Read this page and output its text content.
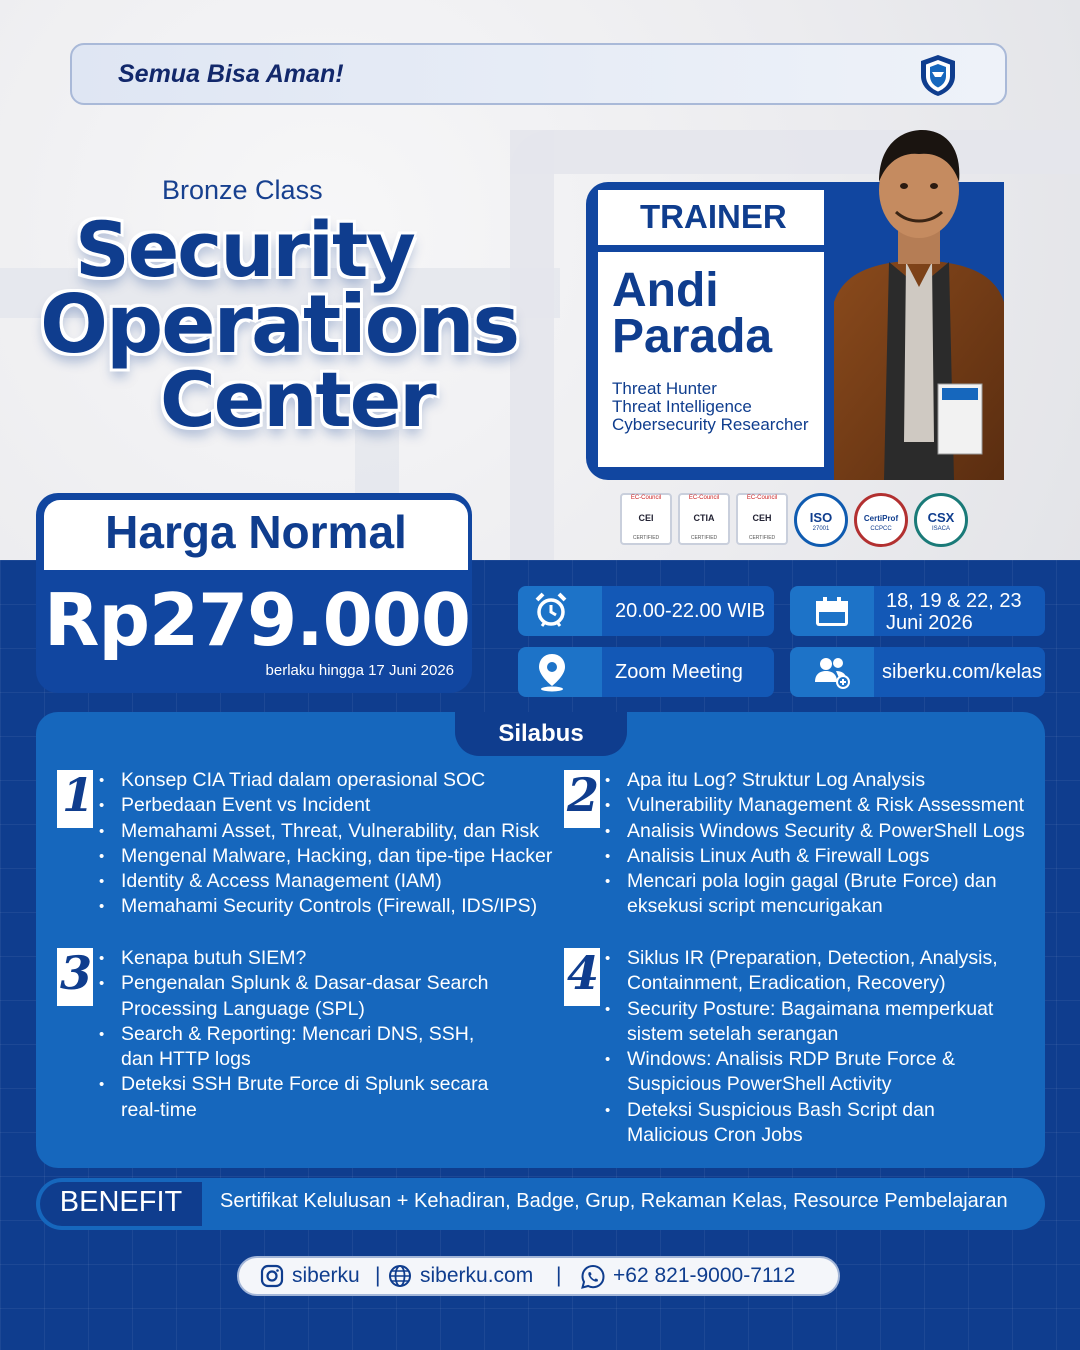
Semua Bisa Aman!
Bronze Class
Security
Operations
Center
TRAINER
Andi
Parada
Threat Hunter
Threat Intelligence
Cybersecurity Researcher
EC-Council
CEI
CERTIFIED
EC-Council
CTIA
CERTIFIED
EC-Council
CEH
CERTIFIED
ISO
27001
CertiProf
CCPCC
CSX
ISACA
Harga Normal
Rp279.000
berlaku hingga 17 Juni 2026
20.00-22.00 WIB	18, 19 & 22, 23
Juni 2026
Zoom Meeting	siberku.com/kelas
Silabus
1	• Konsep CIA Triad dalam operasional SOC
• Perbedaan Event vs Incident
• Memahami Asset, Threat, Vulnerability, dan Risk
• Mengenal Malware, Hacking, dan tipe-tipe Hacker
• Identity & Access Management (IAM)
• Memahami Security Controls (Firewall, IDS/IPS)
2	• Apa itu Log? Struktur Log Analysis
• Vulnerability Management & Risk Assessment
• Analisis Windows Security & PowerShell Logs
• Analisis Linux Auth & Firewall Logs
• Mencari pola login gagal (Brute Force) dan eksekusi script mencurigakan
3	• Kenapa butuh SIEM?
• Pengenalan Splunk & Dasar-dasar Search Processing Language (SPL)
• Search & Reporting: Mencari DNS, SSH, dan HTTP logs
• Deteksi SSH Brute Force di Splunk secara real-time
4	• Siklus IR (Preparation, Detection, Analysis, Containment, Eradication, Recovery)
• Security Posture: Bagaimana memperkuat sistem setelah serangan
• Windows: Analisis RDP Brute Force & Suspicious PowerShell Activity
• Deteksi Suspicious Bash Script dan Malicious Cron Jobs
BENEFIT	Sertifikat Kelulusan + Kehadiran, Badge, Grup, Rekaman Kelas, Resource Pembelajaran
siberku | siberku.com | +62 821-9000-7112
